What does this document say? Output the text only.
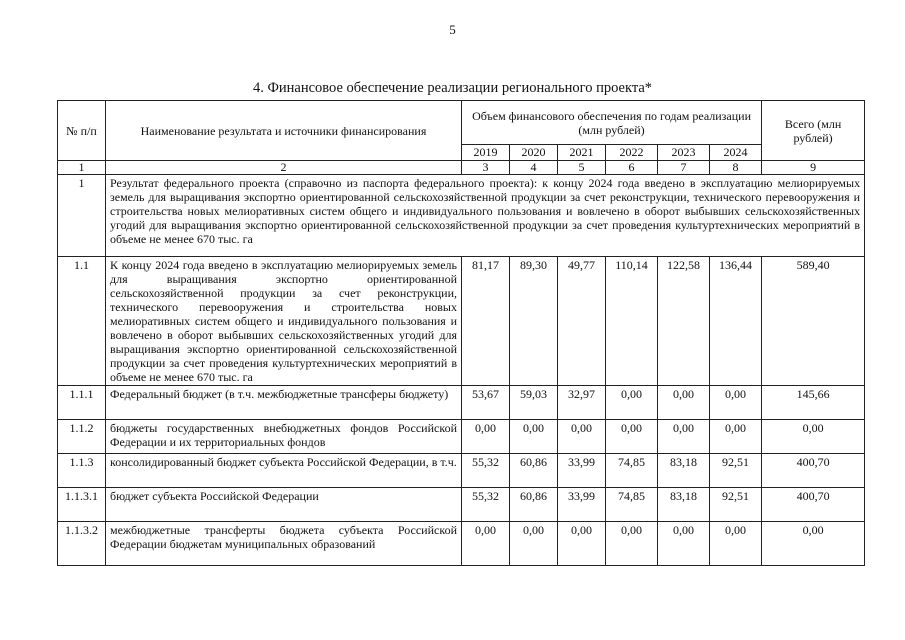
5
4. Финансовое обеспечение реализации регионального проекта*
№ п/п	Наименование результата и источники финансирования	Объем финансового обеспечения по годам реализации (млн рублей)						Всего (млн рублей)
		2019	2020	2021	2022	2023	2024	
1	2	3	4	5	6	7	8	9
1	Результат федерального проекта (справочно из паспорта федерального проекта): к концу 2024 года введено в эксплуатацию мелиорируемых земель для выращивания экспортно ориентированной сельскохозяйственной продукции за счет реконструкции, технического перевооружения и строительства новых мелиоративных систем общего и индивидуального пользования и вовлечено в оборот выбывших сельскохозяйственных угодий для выращивания экспортно ориентированной сельскохозяйственной продукции за счет проведения культуртехнических мероприятий в объеме не менее 670 тыс. га							
1.1	К концу 2024 года введено в эксплуатацию мелиорируемых земель для выращивания экспортно ориентированной сельскохозяйственной продукции за счет реконструкции, технического перевооружения и строительства новых мелиоративных систем общего и индивидуального пользования и вовлечено в оборот выбывших сельскохозяйственных угодий для выращивания экспортно ориентированной сельскохозяйственной продукции за счет проведения культуртехнических мероприятий в объеме не менее 670 тыс. га	81,17	89,30	49,77	110,14	122,58	136,44	589,40
1.1.1	Федеральный бюджет (в т.ч. межбюджетные трансферы бюджету)	53,67	59,03	32,97	0,00	0,00	0,00	145,66
1.1.2	бюджеты государственных внебюджетных фондов Российской Федерации и их территориальных фондов	0,00	0,00	0,00	0,00	0,00	0,00	0,00
1.1.3	консолидированный бюджет субъекта Российской Федерации, в т.ч.	55,32	60,86	33,99	74,85	83,18	92,51	400,70
1.1.3.1	бюджет субъекта Российской Федерации	55,32	60,86	33,99	74,85	83,18	92,51	400,70
1.1.3.2	межбюджетные трансферты бюджета субъекта Российской Федерации бюджетам муниципальных образований	0,00	0,00	0,00	0,00	0,00	0,00	0,00
